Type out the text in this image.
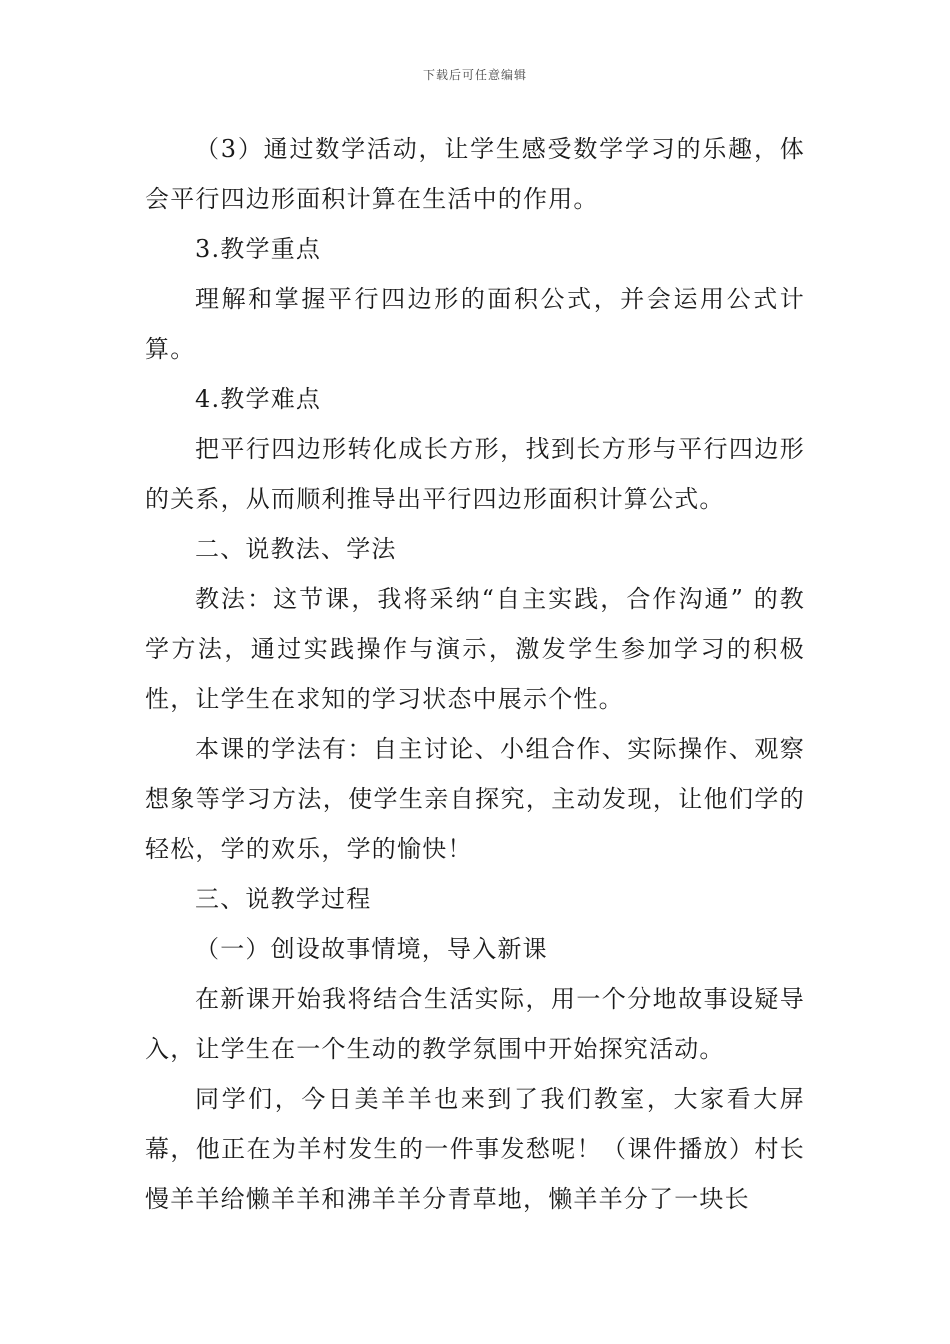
下载后可任意编辑

（3）通过数学活动，让学生感受数学学习的乐趣，体会平行四边形面积计算在生活中的作用。

3.教学重点

理解和掌握平行四边形的面积公式，并会运用公式计算。

4.教学难点

把平行四边形转化成长方形，找到长方形与平行四边形的关系，从而顺利推导出平行四边形面积计算公式。

二、说教法、学法

教法：这节课，我将采纳“自主实践，合作沟通” 的教学方法，通过实践操作与演示，激发学生参加学习的积极性，让学生在求知的学习状态中展示个性。

本课的学法有：自主讨论、小组合作、实际操作、观察想象等学习方法，使学生亲自探究，主动发现，让他们学的轻松，学的欢乐，学的愉快！

三、说教学过程

（一）创设故事情境，导入新课

在新课开始我将结合生活实际，用一个分地故事设疑导入，让学生在一个生动的教学氛围中开始探究活动。

同学们，今日美羊羊也来到了我们教室，大家看大屏幕，他正在为羊村发生的一件事发愁呢！（课件播放）村长慢羊羊给懒羊羊和沸羊羊分青草地，懒羊羊分了一块长
